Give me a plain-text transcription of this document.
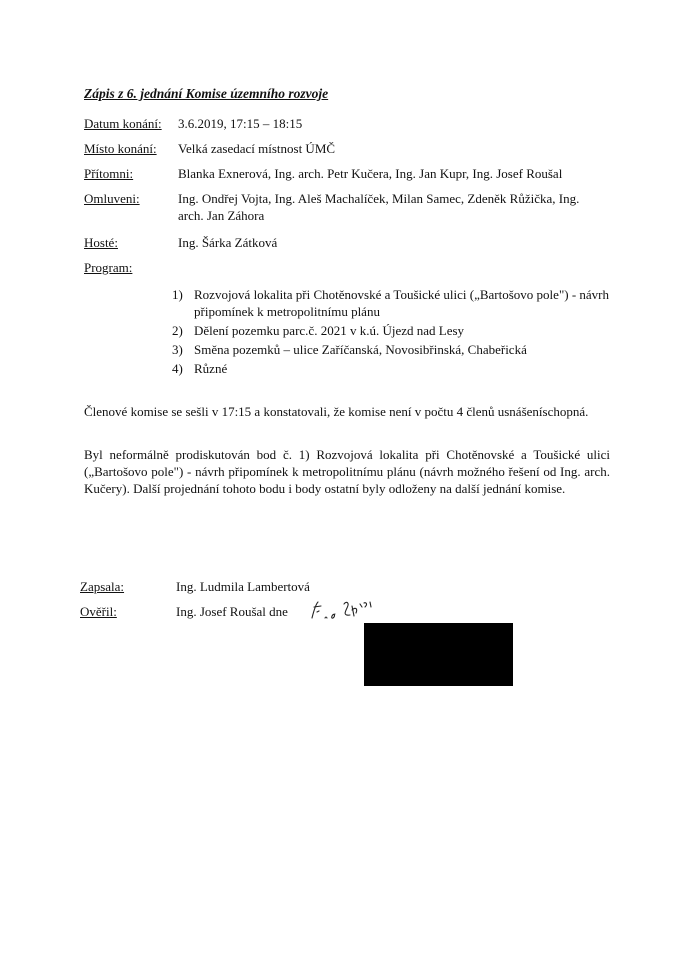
Zápis z 6. jednání Komise územního rozvoje
Datum konání: 3.6.2019, 17:15 – 18:15
Místo konání: Velká zasedací místnost ÚMČ
Přítomni:	Blanka Exnerová, Ing. arch. Petr Kučera, Ing. Jan Kupr, Ing. Josef Roušal
Omluveni:	Ing. Ondřej Vojta, Ing. Aleš Machalíček, Milan Samec, Zdeněk Růžička, Ing. arch. Jan Záhora
Hosté:	Ing. Šárka Zátková
Program:
1) Rozvojová lokalita při Chotěnovské a Toušické ulici („Bartošovo pole") - návrh připomínek k metropolitnímu plánu
2) Dělení pozemku parc.č. 2021 v k.ú. Újezd nad Lesy
3) Směna pozemků – ulice Zaříčanská, Novosibřinská, Chabeřická
4) Různé
Členové komise se sešli v 17:15 a konstatovali, že komise není v počtu 4 členů usnášeníschopná.
Byl neformálně prodiskutován bod č. 1) Rozvojová lokalita při Chotěnovské a Toušické ulici („Bartošovo pole") - návrh připomínek k metropolitnímu plánu (návrh možného řešení od Ing. arch. Kučery). Další projednání tohoto bodu i body ostatní byly odloženy na další jednání komise.
Zapsala:	Ing. Ludmila Lambertová
Ověřil:	Ing. Josef Roušal dne
